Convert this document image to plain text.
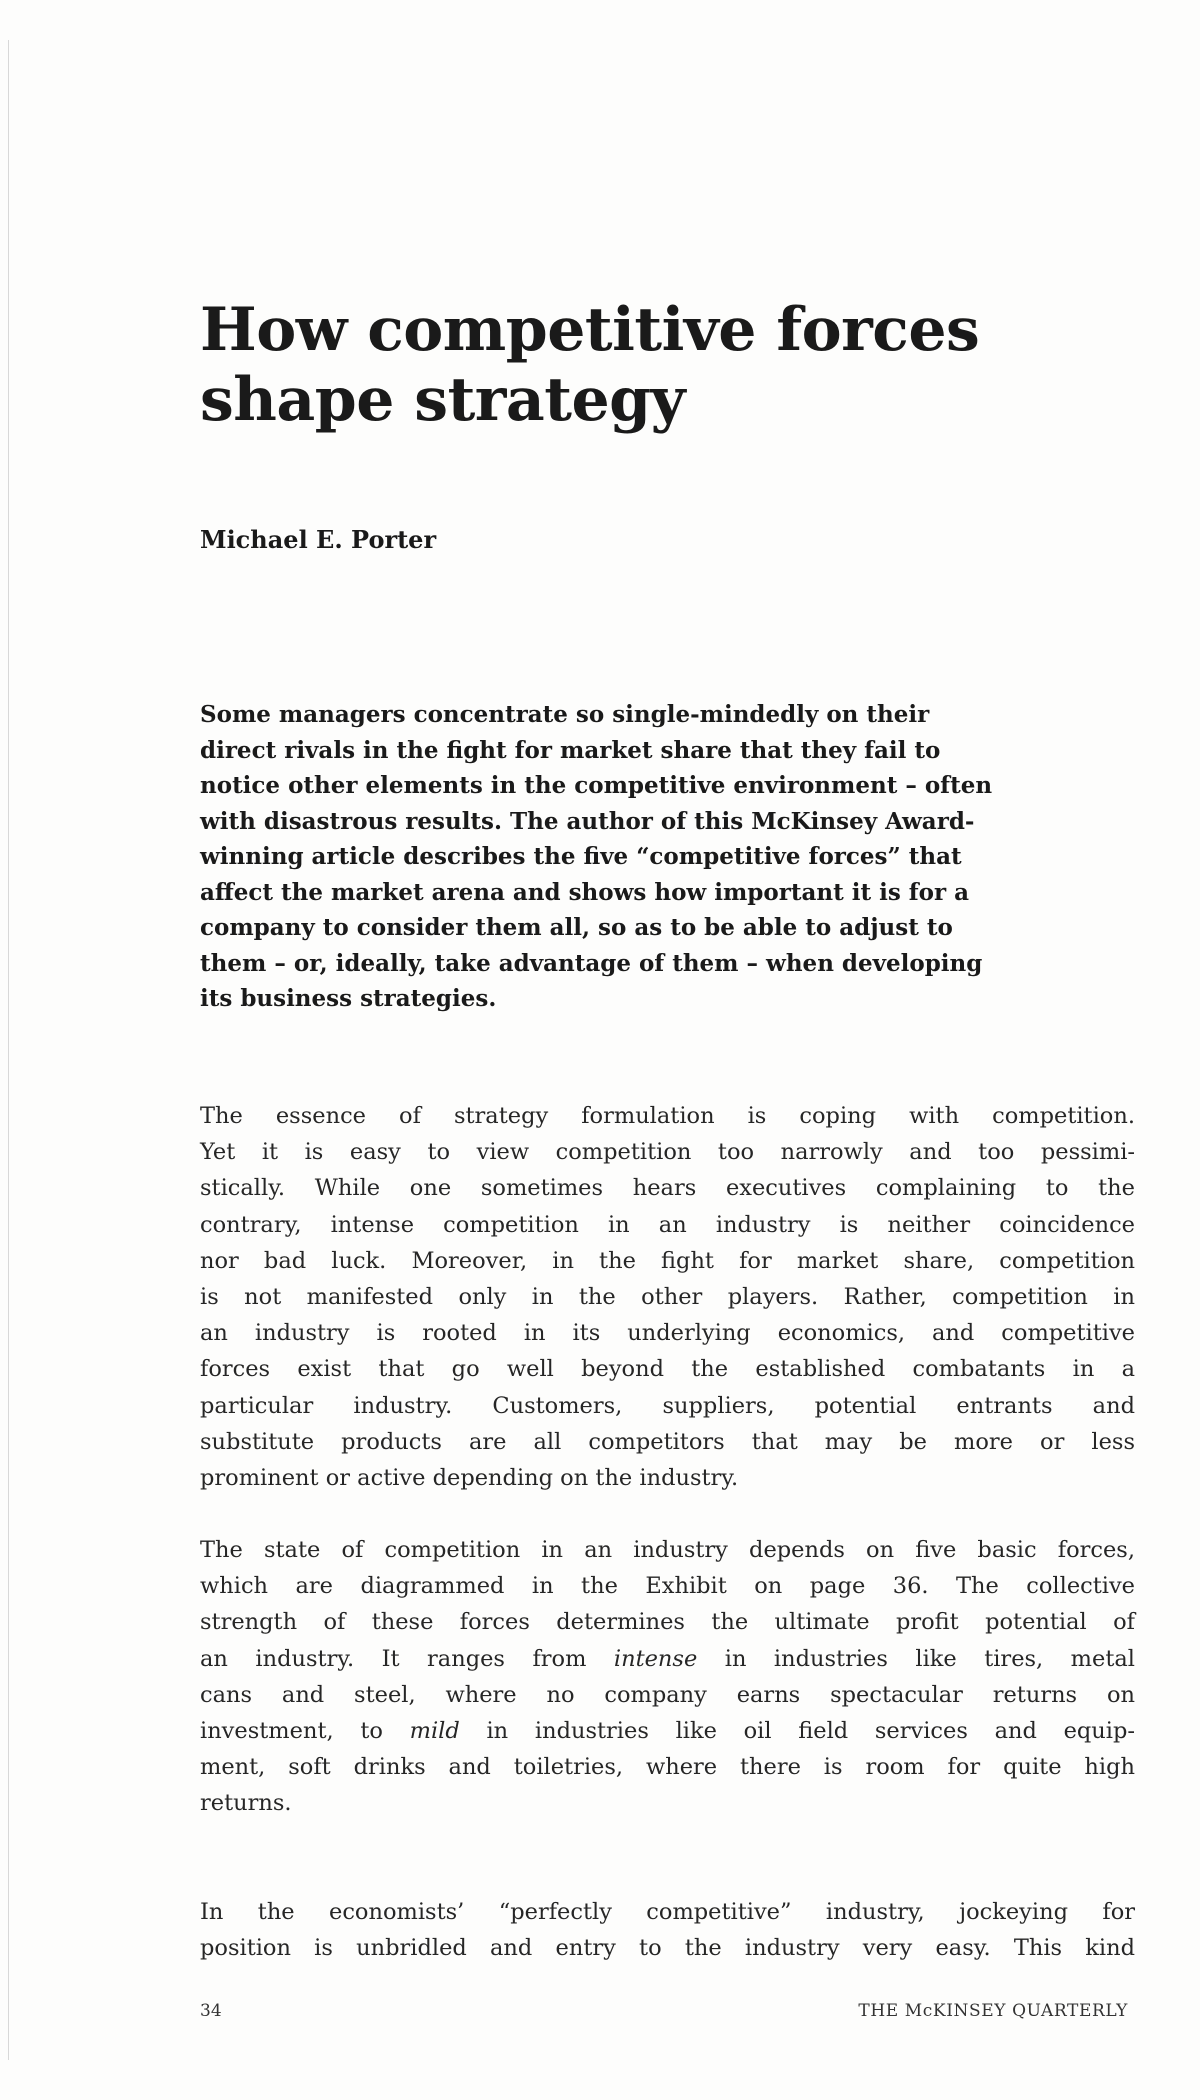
How competitive forces
shape strategy

Michael E. Porter

Some managers concentrate so single-mindedly on their
direct rivals in the fight for market share that they fail to
notice other elements in the competitive environment – often
with disastrous results. The author of this McKinsey Award-
winning article describes the five “competitive forces” that
affect the market arena and shows how important it is for a
company to consider them all, so as to be able to adjust to
them – or, ideally, take advantage of them – when developing
its business strategies.

The essence of strategy formulation is coping with competition.
Yet it is easy to view competition too narrowly and too pessimi-
stically. While one sometimes hears executives complaining to the
contrary, intense competition in an industry is neither coincidence
nor bad luck. Moreover, in the fight for market share, competition
is not manifested only in the other players. Rather, competition in
an industry is rooted in its underlying economics, and competitive
forces exist that go well beyond the established combatants in a
particular industry. Customers, suppliers, potential entrants and
substitute products are all competitors that may be more or less
prominent or active depending on the industry.

The state of competition in an industry depends on five basic forces,
which are diagrammed in the Exhibit on page 36. The collective
strength of these forces determines the ultimate profit potential of
an industry. It ranges from intense in industries like tires, metal
cans and steel, where no company earns spectacular returns on
investment, to mild in industries like oil field services and equip-
ment, soft drinks and toiletries, where there is room for quite high
returns.

In the economists’ “perfectly competitive” industry, jockeying for
position is unbridled and entry to the industry very easy. This kind

34	THE McKINSEY QUARTERLY
